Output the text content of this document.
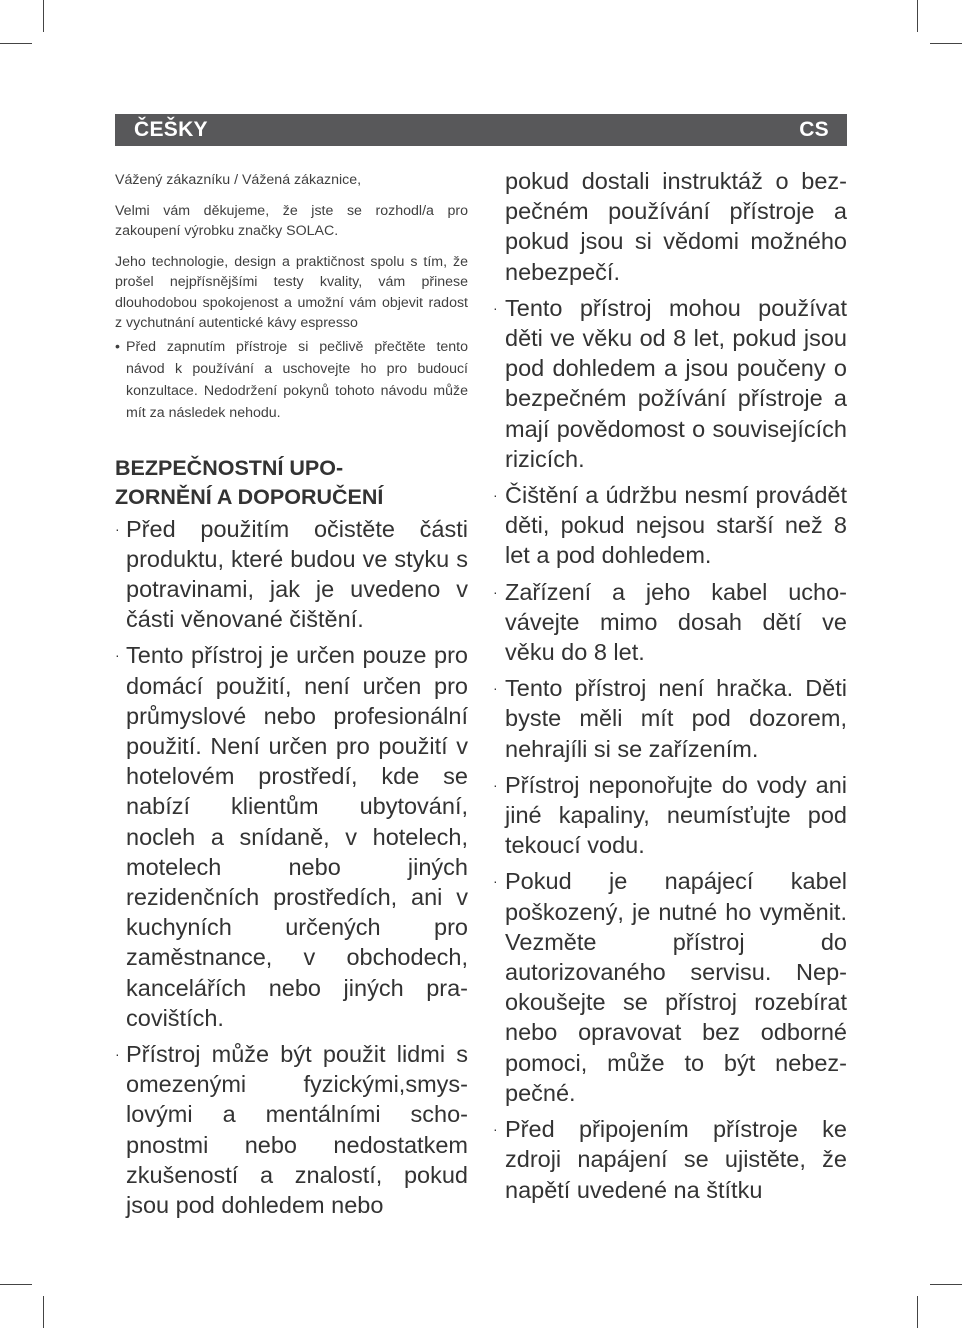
ČEŠKY	CS

Vážený zákazníku / Vážená zákaznice,

Velmi vám děkujeme, že jste se rozhodl/a pro zakoupení výrobku značky SOLAC.

Jeho technologie, design a praktičnost spolu s tím, že prošel nejpřísnějšími testy kvality, vám přinese dlouhodobou spokojenost a umožní vám objevit radost z vychutnání autentické kávy espresso

• Před zapnutím přístroje si pečlivě přečtěte tento návod k používání a uschovejte ho pro budoucí konzultace. Nedodržení pokynů tohoto návodu může mít za následek nehodu.
BEZPEČNOSTNÍ UPO-
ZORNĚNÍ A DOPORUČENÍ
· Před použitím očistěte části produktu, které budou ve styku s potravinami, jak je uvedeno v části věnované čištění.
· Tento přístroj je určen pouze pro domácí použití, není určen pro průmyslové nebo profesionální použití. Není určen pro použití v hotelovém prostředí, kde se nabízí klientům ubytování, nocleh a snídaně, v hotelech, motelech nebo jiných rezidenčních prostředích, ani v kuchyních určených pro zaměstnance, v obchodech, kancelářích nebo jiných pracovištích.
· Přístroj může být použit lidmi s omezenými fyzickými,smyslovými a mentálními schopnostmi nebo nedostatkem zkušeností a znalostí, pokud jsou pod dohledem nebo
pokud dostali instruktáž o bezpečném používání přístroje a pokud jsou si vědomi možného nebezpečí.
· Tento přístroj mohou používat děti ve věku od 8 let, pokud jsou pod dohledem a jsou poučeny o bezpečném požívání přístroje a mají povědomost o souvisejících rizicích.
· Čištění a údržbu nesmí provádět děti, pokud nejsou starší než 8 let a pod dohledem.
· Zařízení a jeho kabel uchovávejte mimo dosah dětí ve věku do 8 let.
· Tento přístroj není hračka. Děti byste měli mít pod dozorem, nehrajíli si se zařízením.
· Přístroj neponořujte do vody ani jiné kapaliny, neumísťujte pod tekoucí vodu.
· Pokud je napájecí kabel poškozený, je nutné ho vyměnit. Vezměte přístroj do autorizovaného servisu. Nepokoušejte se přístroj rozebírat nebo opravovat bez odborné pomoci, může to být nebezpečné.
· Před připojením přístroje ke zdroji napájení se ujistěte, že napětí uvedené na štítku
